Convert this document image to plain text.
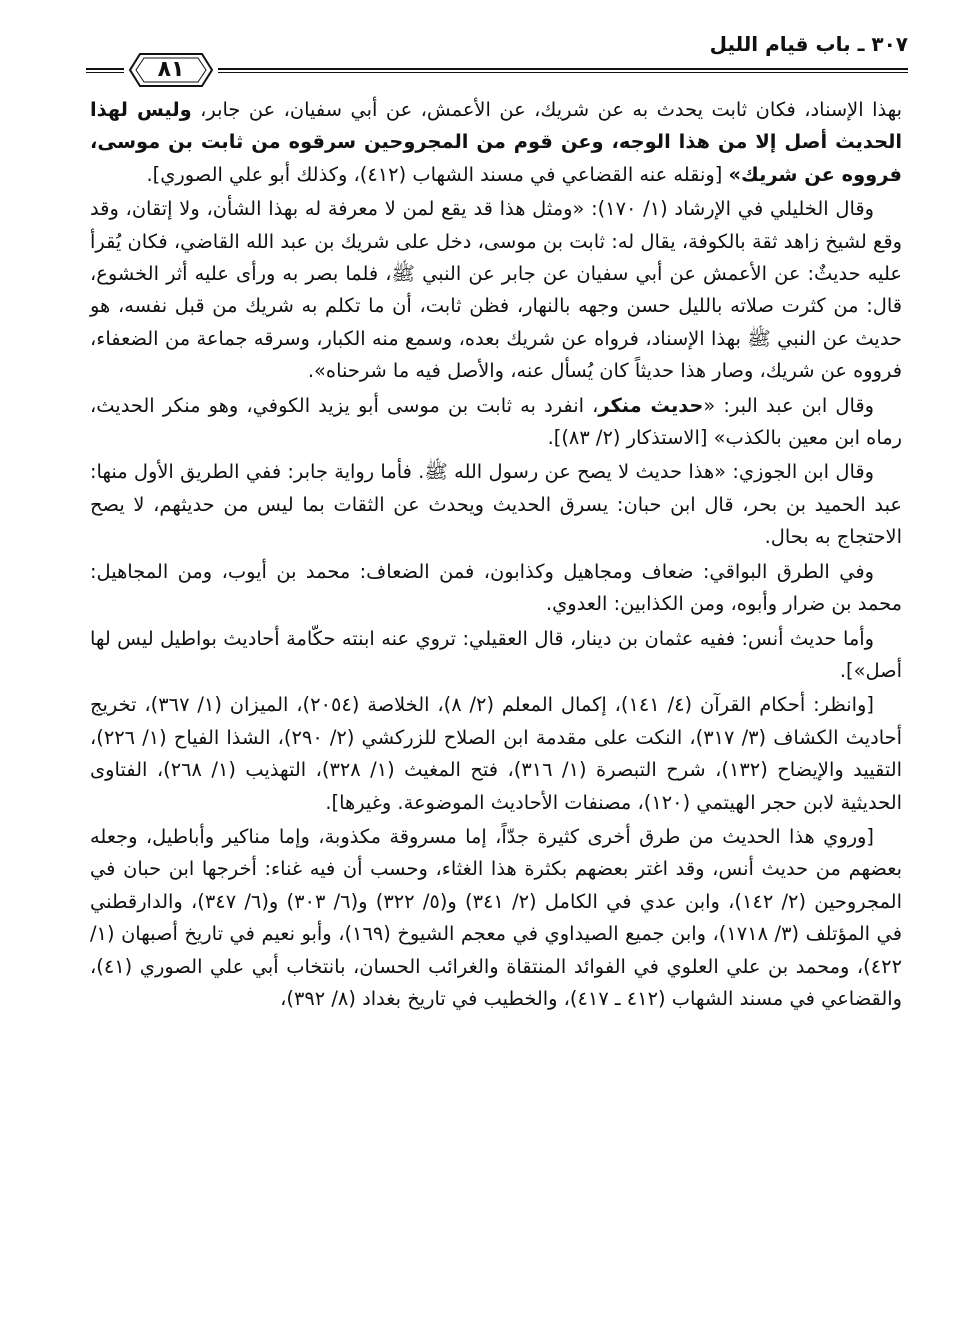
٣٠٧ ـ باب قيام الليل
٨١

بهذا الإسناد، فكان ثابت يحدث به عن شريك، عن الأعمش، عن أبي سفيان، عن جابر، وليس لهذا الحديث أصل إلا من هذا الوجه، وعن قوم من المجروحين سرقوه من ثابت بن موسى، فرووه عن شريك» [ونقله عنه القضاعي في مسند الشهاب (٤١٢)، وكذلك أبو علي الصوري].

وقال الخليلي في الإرشاد (١/ ١٧٠): «ومثل هذا قد يقع لمن لا معرفة له بهذا الشأن، ولا إتقان، وقد وقع لشيخ زاهد ثقة بالكوفة، يقال له: ثابت بن موسى، دخل على شريك بن عبد الله القاضي، فكان يُقرأ عليه حديثٌ: عن الأعمش عن أبي سفيان عن جابر عن النبي ﷺ، فلما بصر به ورأى عليه أثر الخشوع، قال: من كثرت صلاته بالليل حسن وجهه بالنهار، فظن ثابت، أن ما تكلم به شريك من قبل نفسه، هو حديث عن النبي ﷺ بهذا الإسناد، فرواه عن شريك بعده، وسمع منه الكبار، وسرقه جماعة من الضعفاء، فرووه عن شريك، وصار هذا حديثاً كان يُسأل عنه، والأصل فيه ما شرحناه».

وقال ابن عبد البر: «حديث منكر، انفرد به ثابت بن موسى أبو يزيد الكوفي، وهو منكر الحديث، رماه ابن معين بالكذب» [الاستذكار (٢/ ٨٣)].

وقال ابن الجوزي: «هذا حديث لا يصح عن رسول الله ﷺ. فأما رواية جابر: ففي الطريق الأول منها: عبد الحميد بن بحر، قال ابن حبان: يسرق الحديث ويحدث عن الثقات بما ليس من حديثهم، لا يصح الاحتجاج به بحال.

وفي الطرق البواقي: ضعاف ومجاهيل وكذابون، فمن الضعاف: محمد بن أيوب، ومن المجاهيل: محمد بن ضرار وأبوه، ومن الكذابين: العدوي.

وأما حديث أنس: ففيه عثمان بن دينار، قال العقيلي: تروي عنه ابنته حكّامة أحاديث بواطيل ليس لها أصل»].

[وانظر: أحكام القرآن (٤/ ١٤١)، إكمال المعلم (٢/ ٨)، الخلاصة (٢٠٥٤)، الميزان (١/ ٣٦٧)، تخريج أحاديث الكشاف (٣/ ٣١٧)، النكت على مقدمة ابن الصلاح للزركشي (٢/ ٢٩٠)، الشذا الفياح (١/ ٢٢٦)، التقييد والإيضاح (١٣٢)، شرح التبصرة (١/ ٣١٦)، فتح المغيث (١/ ٣٢٨)، التهذيب (١/ ٢٦٨)، الفتاوى الحديثية لابن حجر الهيتمي (١٢٠)، مصنفات الأحاديث الموضوعة. وغيرها].

[وروي هذا الحديث من طرق أخرى كثيرة جدّاً، إما مسروقة مكذوبة، وإما مناكير وأباطيل، وجعله بعضهم من حديث أنس، وقد اغتر بعضهم بكثرة هذا الغثاء، وحسب أن فيه غناء: أخرجها ابن حبان في المجروحين (٢/ ١٤٢)، وابن عدي في الكامل (٢/ ٣٤١) و(٥/ ٣٢٢) و(٦/ ٣٠٣) و(٦/ ٣٤٧)، والدارقطني في المؤتلف (٣/ ١٧١٨)، وابن جميع الصيداوي في معجم الشيوخ (١٦٩)، وأبو نعيم في تاريخ أصبهان (١/ ٤٢٢)، ومحمد بن علي العلوي في الفوائد المنتقاة والغرائب الحسان، بانتخاب أبي علي الصوري (٤١)، والقضاعي في مسند الشهاب (٤١٢ ـ ٤١٧)، والخطيب في تاريخ بغداد (٨/ ٣٩٢)،
